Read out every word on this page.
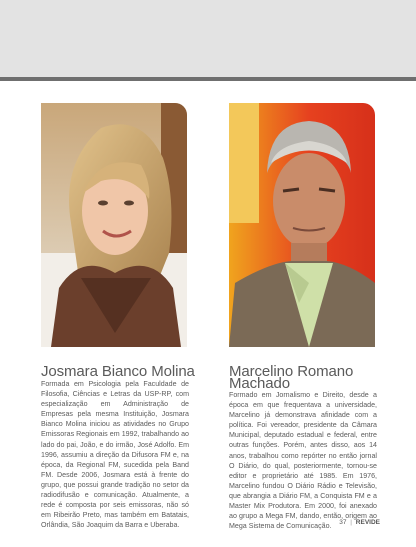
Josmara Bianco Molina

Formada em Psicologia pela Faculdade de Filosofia, Ciências e Letras da USP-RP, com especialização em Administração de Empresas pela mesma Instituição, Josmara Bianco Molina iniciou as atividades no Grupo Emissoras Regionais em 1992, trabalhando ao lado do pai, João, e do irmão, José Adolfo. Em 1996, assumiu a direção da Difusora FM e, na época, da Regional FM, sucedida pela Band FM. Desde 2006, Josmara está à frente do grupo, que possui grande tradição no setor da radiodifusão e comunicação. Atualmente, a rede é composta por seis emissoras, não só em Ribeirão Preto, mas também em Batatais, Orlândia, São Joaquim da Barra e Uberaba.

Marcelino Romano Machado

Formado em Jornalismo e Direito, desde a época em que frequentava a universidade, Marcelino já demonstrava afinidade com a política. Foi vereador, presidente da Câmara Municipal, deputado estadual e federal, entre outras funções. Porém, antes disso, aos 14 anos, trabalhou como repórter no então jornal O Diário, do qual, posteriormente, tornou-se editor e proprietário até 1985. Em 1976, Marcelino fundou O Diário Rádio e Televisão, que abrangia a Diário FM, a Conquista FM e a Master Mix Produtora. Em 2000, foi anexado ao grupo a Mega FM, dando, então, origem ao Mega Sistema de Comunicação.	37 | REVIDE
